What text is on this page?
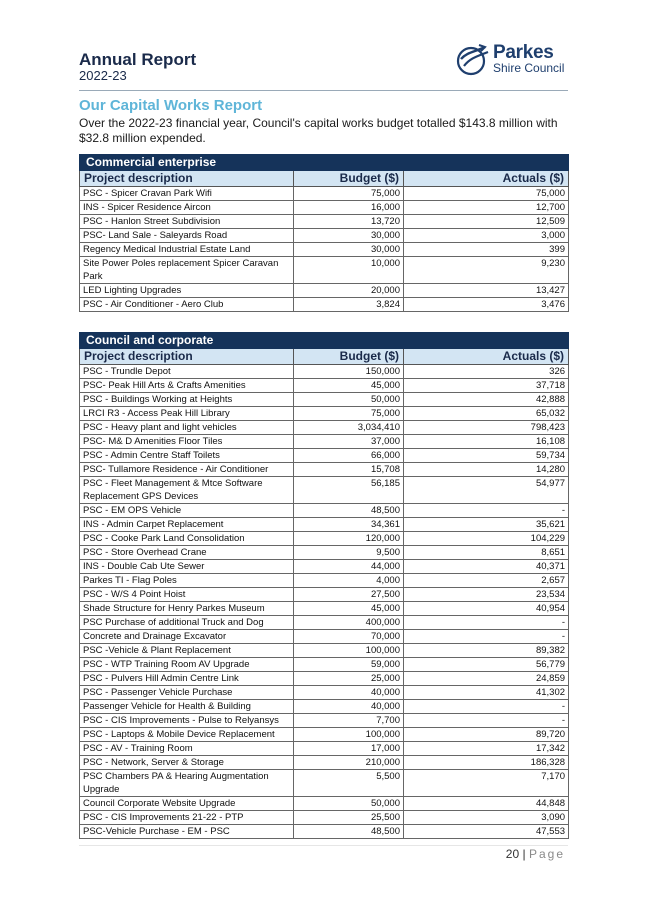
Annual Report
2022-23
Parkes
Shire Council
Our Capital Works Report
Over the 2022-23 financial year, Council's capital works budget totalled $143.8 million with $32.8 million expended.
Commercial enterprise		
Project description	Budget ($)	Actuals ($)
PSC - Spicer Cravan Park Wifi	75,000	75,000
INS - Spicer Residence Aircon	16,000	12,700
PSC - Hanlon Street Subdivision	13,720	12,509
PSC- Land Sale - Saleyards Road	30,000	3,000
Regency Medical Industrial Estate Land	30,000	399
Site Power Poles replacement Spicer Caravan Park	10,000	9,230
LED Lighting Upgrades	20,000	13,427
PSC - Air Conditioner - Aero Club	3,824	3,476
Council and corporate		
Project description	Budget ($)	Actuals ($)
PSC - Trundle Depot	150,000	326
PSC- Peak Hill Arts & Crafts Amenities	45,000	37,718
PSC - Buildings Working at Heights	50,000	42,888
LRCI R3 - Access Peak Hill Library	75,000	65,032
PSC - Heavy plant and light vehicles	3,034,410	798,423
PSC- M& D Amenities Floor Tiles	37,000	16,108
PSC - Admin Centre Staff Toilets	66,000	59,734
PSC- Tullamore Residence - Air Conditioner	15,708	14,280
PSC - Fleet Management & Mtce Software Replacement GPS Devices	56,185	54,977
PSC - EM OPS Vehicle	48,500	-
INS - Admin Carpet Replacement	34,361	35,621
PSC - Cooke Park Land Consolidation	120,000	104,229
PSC - Store Overhead Crane	9,500	8,651
INS - Double Cab Ute Sewer	44,000	40,371
Parkes TI - Flag Poles	4,000	2,657
PSC - W/S 4 Point Hoist	27,500	23,534
Shade Structure for Henry Parkes Museum	45,000	40,954
PSC Purchase of additional Truck and Dog	400,000	-
Concrete and Drainage Excavator	70,000	-
PSC -Vehicle & Plant Replacement	100,000	89,382
PSC - WTP Training Room AV Upgrade	59,000	56,779
PSC - Pulvers Hill Admin Centre Link	25,000	24,859
PSC - Passenger Vehicle Purchase	40,000	41,302
Passenger Vehicle for Health & Building	40,000	-
PSC - CIS Improvements - Pulse to Relyansys	7,700	-
PSC - Laptops & Mobile Device Replacement	100,000	89,720
PSC - AV - Training Room	17,000	17,342
PSC - Network, Server & Storage	210,000	186,328
PSC Chambers PA & Hearing Augmentation Upgrade	5,500	7,170
Council Corporate Website Upgrade	50,000	44,848
PSC - CIS Improvements 21-22 - PTP	25,500	3,090
PSC-Vehicle Purchase - EM - PSC	48,500	47,553
20 | Page
